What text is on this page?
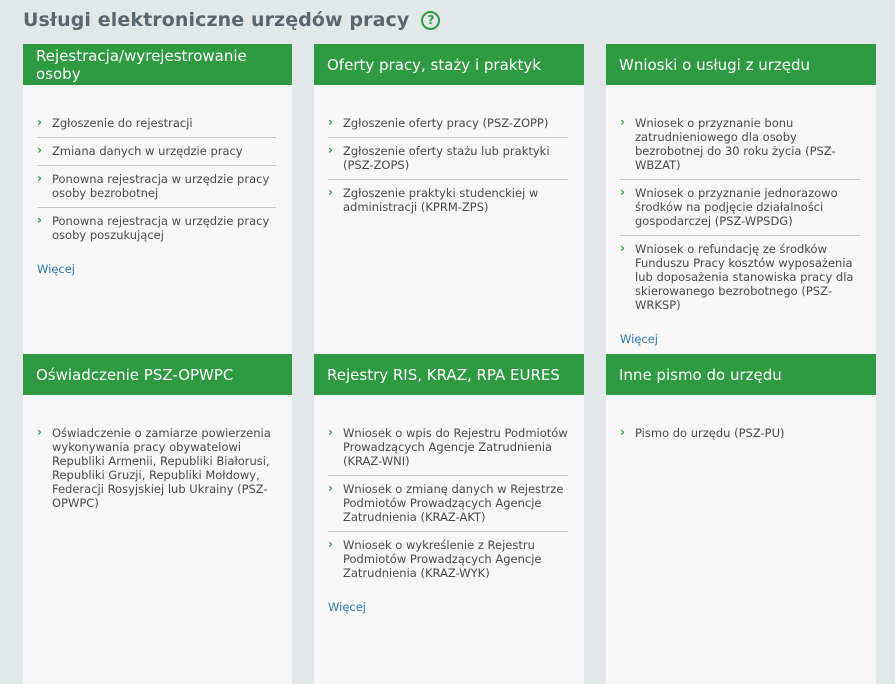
Usługi elektroniczne urzędów pracy	?
Rejestracja/wyrejestrowanie osoby
› Zgłoszenie do rejestracji
› Zmiana danych w urzędzie pracy
› Ponowna rejestracja w urzędzie pracy osoby bezrobotnej
› Ponowna rejestracja w urzędzie pracy osoby poszukującej
Więcej
Oferty pracy, staży i praktyk
› Zgłoszenie oferty pracy (PSZ-ZOPP)
› Zgłoszenie oferty stażu lub praktyki (PSZ-ZOPS)
› Zgłoszenie praktyki studenckiej w administracji (KPRM-ZPS)
Wnioski o usługi z urzędu
› Wniosek o przyznanie bonu zatrudnieniowego dla osoby bezrobotnej do 30 roku życia (PSZ-WBZAT)
› Wniosek o przyznanie jednorazowo środków na podjęcie działalności gospodarczej (PSZ-WPSDG)
› Wniosek o refundację ze środków Funduszu Pracy kosztów wyposażenia lub doposażenia stanowiska pracy dla skierowanego bezrobotnego (PSZ-WRKSP)
Więcej
Oświadczenie PSZ-OPWPC
› Oświadczenie o zamiarze powierzenia wykonywania pracy obywatelowi Republiki Armenii, Republiki Białorusi, Republiki Gruzji, Republiki Mołdowy, Federacji Rosyjskiej lub Ukrainy (PSZ-OPWPC)
Rejestry RIS, KRAZ, RPA EURES
› Wniosek o wpis do Rejestru Podmiotów Prowadzących Agencje Zatrudnienia (KRAZ-WNI)
› Wniosek o zmianę danych w Rejestrze Podmiotów Prowadzących Agencje Zatrudnienia (KRAZ-AKT)
› Wniosek o wykreślenie z Rejestru Podmiotów Prowadzących Agencje Zatrudnienia (KRAZ-WYK)
Więcej
Inne pismo do urzędu
› Pismo do urzędu (PSZ-PU)
